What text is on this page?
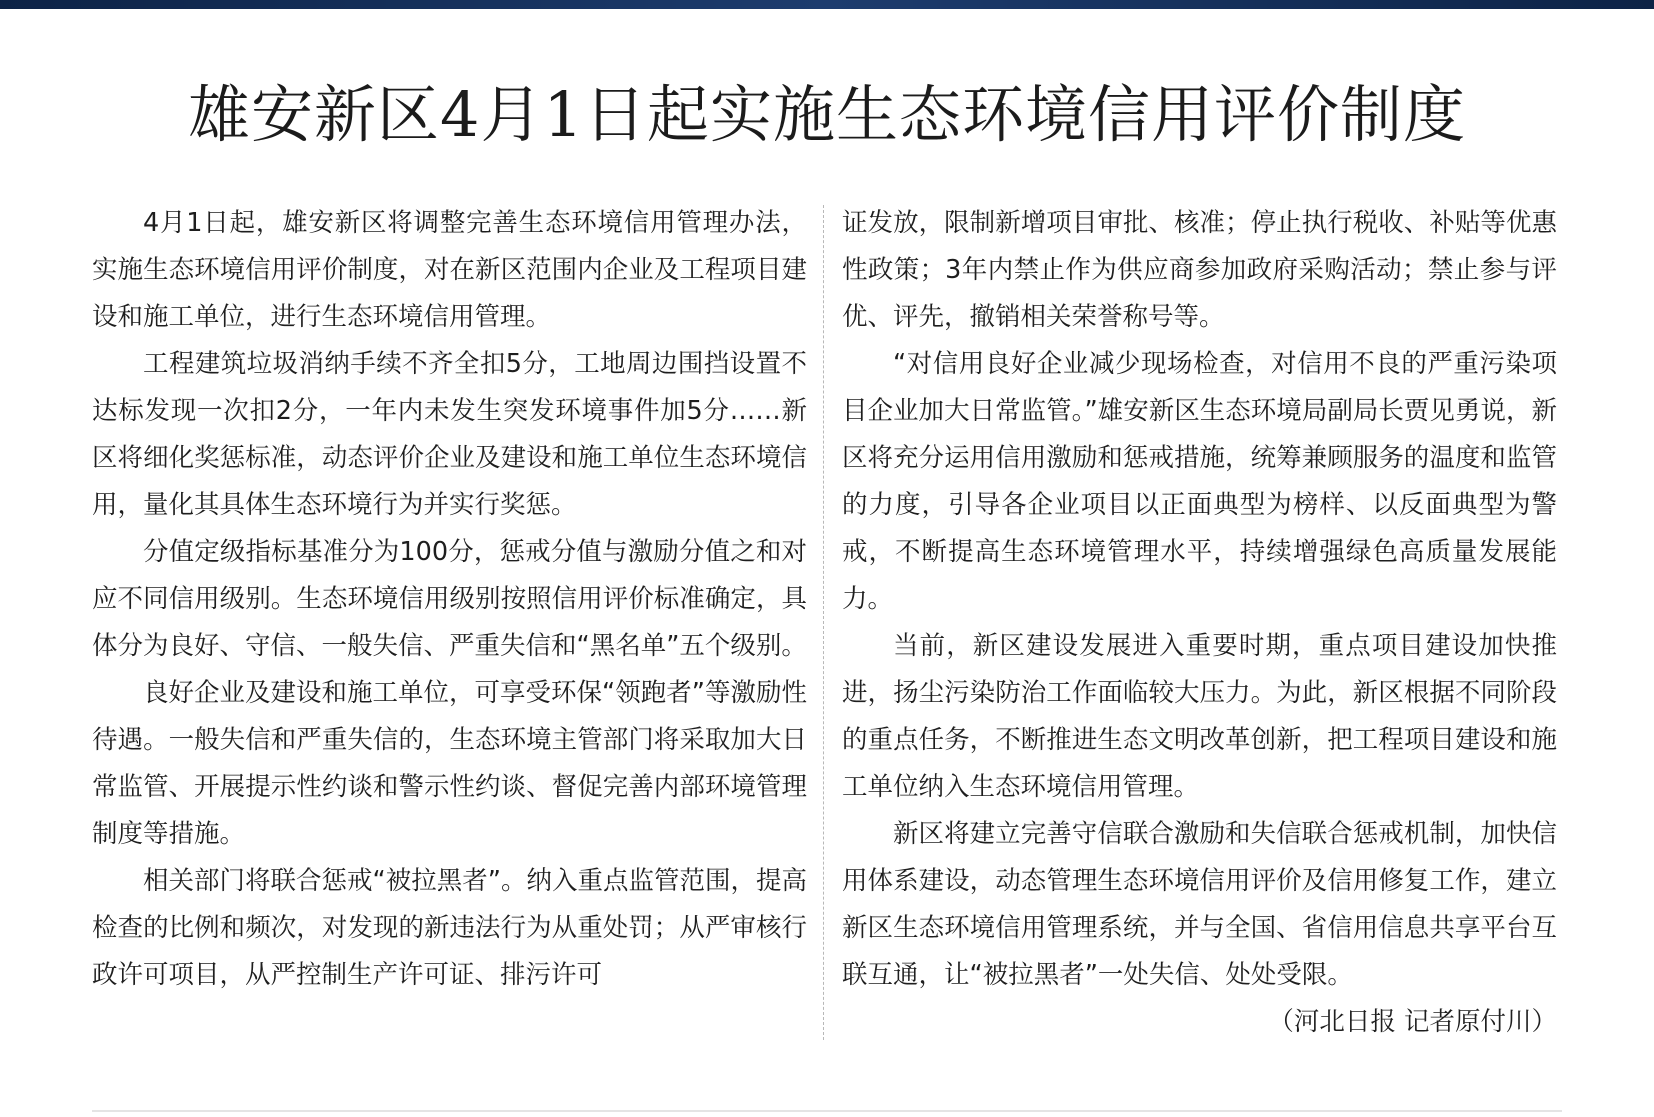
雄安新区4月1日起实施生态环境信用评价制度

4月1日起，雄安新区将调整完善生态环境信用管理办法，实施生态环境信用评价制度，对在新区范围内企业及工程项目建设和施工单位，进行生态环境信用管理。

工程建筑垃圾消纳手续不齐全扣5分，工地周边围挡设置不达标发现一次扣2分，一年内未发生突发环境事件加5分……新区将细化奖惩标准，动态评价企业及建设和施工单位生态环境信用，量化其具体生态环境行为并实行奖惩。

分值定级指标基准分为100分，惩戒分值与激励分值之和对应不同信用级别。生态环境信用级别按照信用评价标准确定，具体分为良好、守信、一般失信、严重失信和“黑名单”五个级别。

良好企业及建设和施工单位，可享受环保“领跑者”等激励性待遇。一般失信和严重失信的，生态环境主管部门将采取加大日常监管、开展提示性约谈和警示性约谈、督促完善内部环境管理制度等措施。

相关部门将联合惩戒“被拉黑者”。纳入重点监管范围，提高检查的比例和频次，对发现的新违法行为从重处罚；从严审核行政许可项目，从严控制生产许可证、排污许可

证发放，限制新增项目审批、核准；停止执行税收、补贴等优惠性政策；3年内禁止作为供应商参加政府采购活动；禁止参与评优、评先，撤销相关荣誉称号等。

“对信用良好企业减少现场检查，对信用不良的严重污染项目企业加大日常监管。”雄安新区生态环境局副局长贾见勇说，新区将充分运用信用激励和惩戒措施，统筹兼顾服务的温度和监管的力度，引导各企业项目以正面典型为榜样、以反面典型为警戒，不断提高生态环境管理水平，持续增强绿色高质量发展能力。

当前，新区建设发展进入重要时期，重点项目建设加快推进，扬尘污染防治工作面临较大压力。为此，新区根据不同阶段的重点任务，不断推进生态文明改革创新，把工程项目建设和施工单位纳入生态环境信用管理。

新区将建立完善守信联合激励和失信联合惩戒机制，加快信用体系建设，动态管理生态环境信用评价及信用修复工作，建立新区生态环境信用管理系统，并与全国、省信用信息共享平台互联互通，让“被拉黑者”一处失信、处处受限。
（河北日报 记者原付川）
